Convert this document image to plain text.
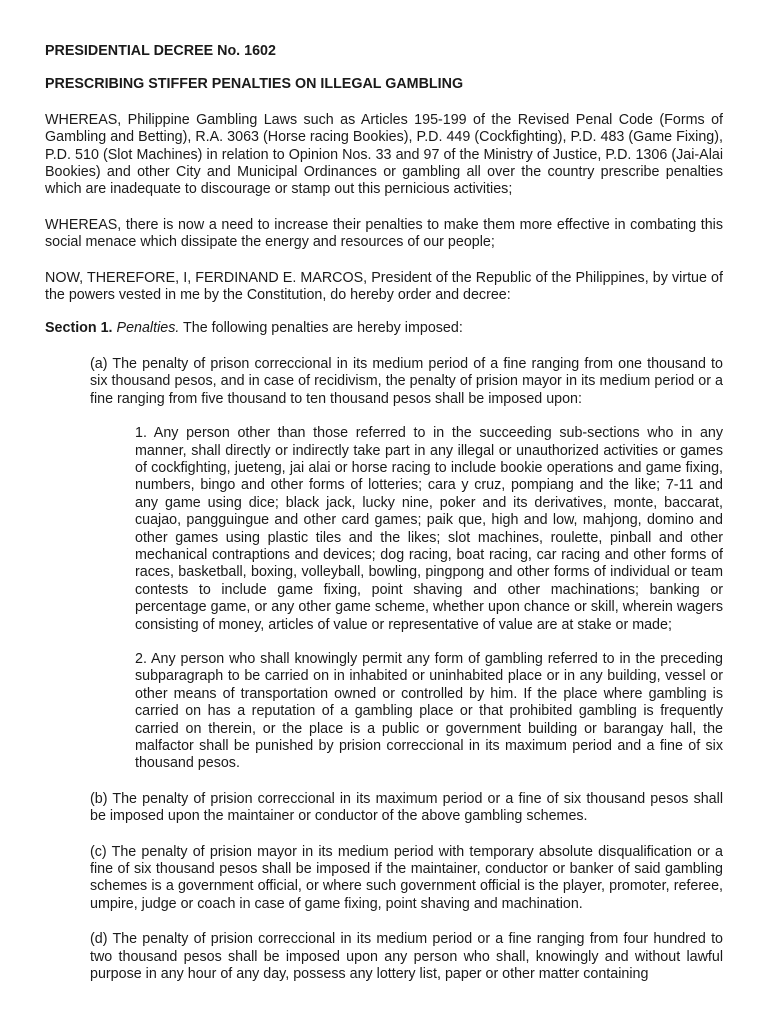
PRESIDENTIAL DECREE No. 1602

PRESCRIBING STIFFER PENALTIES ON ILLEGAL GAMBLING

WHEREAS, Philippine Gambling Laws such as Articles 195-199 of the Revised Penal Code (Forms of Gambling and Betting), R.A. 3063 (Horse racing Bookies), P.D. 449 (Cockfighting), P.D. 483 (Game Fixing), P.D. 510 (Slot Machines) in relation to Opinion Nos. 33 and 97 of the Ministry of Justice, P.D. 1306 (Jai-Alai Bookies) and other City and Municipal Ordinances or gambling all over the country prescribe penalties which are inadequate to discourage or stamp out this pernicious activities;

WHEREAS, there is now a need to increase their penalties to make them more effective in combating this social menace which dissipate the energy and resources of our people;

NOW, THEREFORE, I, FERDINAND E. MARCOS, President of the Republic of the Philippines, by virtue of the powers vested in me by the Constitution, do hereby order and decree:

Section 1. Penalties. The following penalties are hereby imposed:

(a) The penalty of prison correccional in its medium period of a fine ranging from one thousand to six thousand pesos, and in case of recidivism, the penalty of prision mayor in its medium period or a fine ranging from five thousand to ten thousand pesos shall be imposed upon:

1. Any person other than those referred to in the succeeding sub-sections who in any manner, shall directly or indirectly take part in any illegal or unauthorized activities or games of cockfighting, jueteng, jai alai or horse racing to include bookie operations and game fixing, numbers, bingo and other forms of lotteries; cara y cruz, pompiang and the like; 7-11 and any game using dice; black jack, lucky nine, poker and its derivatives, monte, baccarat, cuajao, pangguingue and other card games; paik que, high and low, mahjong, domino and other games using plastic tiles and the likes; slot machines, roulette, pinball and other mechanical contraptions and devices; dog racing, boat racing, car racing and other forms of races, basketball, boxing, volleyball, bowling, pingpong and other forms of individual or team contests to include game fixing, point shaving and other machinations; banking or percentage game, or any other game scheme, whether upon chance or skill, wherein wagers consisting of money, articles of value or representative of value are at stake or made;

2. Any person who shall knowingly permit any form of gambling referred to in the preceding subparagraph to be carried on in inhabited or uninhabited place or in any building, vessel or other means of transportation owned or controlled by him. If the place where gambling is carried on has a reputation of a gambling place or that prohibited gambling is frequently carried on therein, or the place is a public or government building or barangay hall, the malfactor shall be punished by prision correccional in its maximum period and a fine of six thousand pesos.

(b) The penalty of prision correccional in its maximum period or a fine of six thousand pesos shall be imposed upon the maintainer or conductor of the above gambling schemes.

(c) The penalty of prision mayor in its medium period with temporary absolute disqualification or a fine of six thousand pesos shall be imposed if the maintainer, conductor or banker of said gambling schemes is a government official, or where such government official is the player, promoter, referee, umpire, judge or coach in case of game fixing, point shaving and machination.

(d) The penalty of prision correccional in its medium period or a fine ranging from four hundred to two thousand pesos shall be imposed upon any person who shall, knowingly and without lawful purpose in any hour of any day, possess any lottery list, paper or other matter containing
